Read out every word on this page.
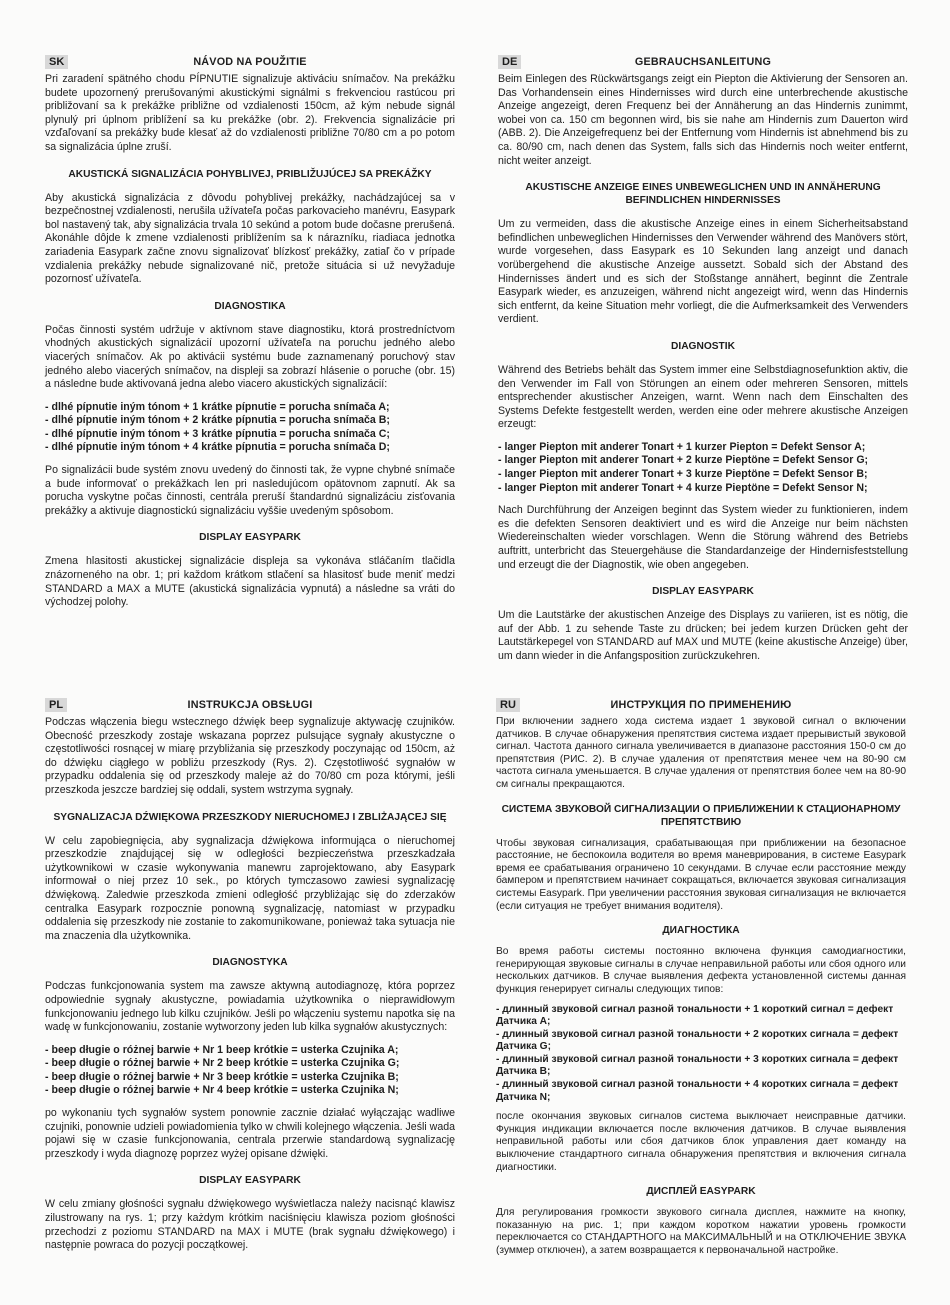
SK	NÁVOD NA POUŽITIE

Pri zaradení spätného chodu PÍPNUTIE signalizuje aktiváciu snímačov. Na prekážku budete upozornený prerušovanými akustickými signálmi s frekvenciou rastúcou pri približovaní sa k prekážke približne od vzdialenosti 150cm, až kým nebude signál plynulý pri úplnom priblížení sa ku prekážke (obr. 2). Frekvencia signalizácie pri vzďaľovaní sa prekážky bude klesať až do vzdialenosti približne 70/80 cm a po potom sa signalizácia úplne zruší.

AKUSTICKÁ SIGNALIZÁCIA POHYBLIVEJ, PRIBLIŽUJÚCEJ SA PREKÁŽKY

Aby akustická signalizácia z dôvodu pohyblivej prekážky, nachádzajúcej sa v bezpečnostnej vzdialenosti, nerušila užívateľa počas parkovacieho manévru, Easypark bol nastavený tak, aby signalizácia trvala 10 sekúnd a potom bude dočasne prerušená. Akonáhle dôjde k zmene vzdialenosti priblížením sa k nárazníku, riadiaca jednotka zariadenia Easypark začne znovu signalizovať blízkosť prekážky, zatiaľ čo v prípade vzdialenia prekážky nebude signalizované nič, pretože situácia si už nevyžaduje pozornosť užívateľa.

DIAGNOSTIKA

Počas činnosti systém udržuje v aktívnom stave diagnostiku, ktorá prostredníctvom vhodných akustických signalizácií upozorní užívateľa na poruchu jedného alebo viacerých snímačov. Ak po aktivácii systému bude zaznamenaný poruchový stav jedného alebo viacerých snímačov, na displeji sa zobrazí hlásenie o poruche (obr. 15) a následne bude aktivovaná jedna alebo viacero akustických signalizácií:

- dlhé pípnutie iným tónom + 1 krátke pípnutie = porucha snímača A;
- dlhé pípnutie iným tónom + 2 krátke pípnutia = porucha snímača B;
- dlhé pípnutie iným tónom + 3 krátke pípnutia = porucha snímača C;
- dlhé pípnutie iným tónom + 4 krátke pípnutia = porucha snímača D;

Po signalizácii bude systém znovu uvedený do činnosti tak, že vypne chybné snímače a bude informovať o prekážkach len pri nasledujúcom opätovnom zapnutí. Ak sa porucha vyskytne počas činnosti, centrála preruší štandardnú signalizáciu zisťovania prekážky a aktivuje diagnostickú signalizáciu vyššie uvedeným spôsobom.

DISPLAY EASYPARK

Zmena hlasitosti akustickej signalizácie displeja sa vykonáva stláčaním tlačidla znázorneného na obr. 1; pri každom krátkom stlačení sa hlasitosť bude meniť medzi STANDARD a MAX a MUTE (akustická signalizácia vypnutá) a následne sa vráti do východzej polohy.

DE	GEBRAUCHSANLEITUNG

Beim Einlegen des Rückwärtsgangs zeigt ein Piepton die Aktivierung der Sensoren an. Das Vorhandensein eines Hindernisses wird durch eine unterbrechende akustische Anzeige angezeigt, deren Frequenz bei der Annäherung an das Hindernis zunimmt, wobei von ca. 150 cm begonnen wird, bis sie nahe am Hindernis zum Dauerton wird (ABB. 2). Die Anzeigefrequenz bei der Entfernung vom Hindernis ist abnehmend bis zu ca. 80/90 cm, nach denen das System, falls sich das Hindernis noch weiter entfernt, nicht weiter anzeigt.

AKUSTISCHE ANZEIGE EINES UNBEWEGLICHEN UND IN ANNÄHERUNG BEFINDLICHEN HINDERNISSES

Um zu vermeiden, dass die akustische Anzeige eines in einem Sicherheitsabstand befindlichen unbeweglichen Hindernisses den Verwender während des Manövers stört, wurde vorgesehen, dass Easypark es 10 Sekunden lang anzeigt und danach vorübergehend die akustische Anzeige aussetzt. Sobald sich der Abstand des Hindernisses ändert und es sich der Stoßstange annähert, beginnt die Zentrale Easypark wieder, es anzuzeigen, während nicht angezeigt wird, wenn das Hindernis sich entfernt, da keine Situation mehr vorliegt, die die Aufmerksamkeit des Verwenders verdient.

DIAGNOSTIK

Während des Betriebs behält das System immer eine Selbstdiagnosefunktion aktiv, die den Verwender im Fall von Störungen an einem oder mehreren Sensoren, mittels entsprechender akustischer Anzeigen, warnt. Wenn nach dem Einschalten des Systems Defekte festgestellt werden, werden eine oder mehrere akustische Anzeigen erzeugt:

- langer Piepton mit anderer Tonart + 1 kurzer Piepton = Defekt Sensor A;
- langer Piepton mit anderer Tonart + 2 kurze Pieptöne = Defekt Sensor G;
- langer Piepton mit anderer Tonart + 3 kurze Pieptöne = Defekt Sensor B;
- langer Piepton mit anderer Tonart + 4 kurze Pieptöne = Defekt Sensor N;

Nach Durchführung der Anzeigen beginnt das System wieder zu funktionieren, indem es die defekten Sensoren deaktiviert und es wird die Anzeige nur beim nächsten Wiedereinschalten wieder vorschlagen. Wenn die Störung während des Betriebs auftritt, unterbricht das Steuergehäuse die Standardanzeige der Hindernisfeststellung und erzeugt die der Diagnostik, wie oben angegeben.

DISPLAY EASYPARK

Um die Lautstärke der akustischen Anzeige des Displays zu variieren, ist es nötig, die auf der Abb. 1 zu sehende Taste zu drücken; bei jedem kurzen Drücken geht der Lautstärkepegel von STANDARD auf MAX und MUTE (keine akustische Anzeige) über, um dann wieder in die Anfangsposition zurückzukehren.

PL	INSTRUKCJA OBSŁUGI

Podczas włączenia biegu wstecznego dźwięk beep sygnalizuje aktywację czujników. Obecność przeszkody zostaje wskazana poprzez pulsujące sygnały akustyczne o częstotliwości rosnącej w miarę przybliżania się przeszkody poczynając od 150cm, aż do dźwięku ciągłego w pobliżu przeszkody (Rys. 2). Częstotliwość sygnałów w przypadku oddalenia się od przeszkody maleje aż do 70/80 cm poza którymi, jeśli przeszkoda jeszcze bardziej się oddali, system wstrzyma sygnały.

SYGNALIZACJA DŹWIĘKOWA PRZESZKODY NIERUCHOMEJ I ZBLIŻAJĄCEJ SIĘ

W celu zapobiegnięcia, aby sygnalizacja dźwiękowa informująca o nieruchomej przeszkodzie znajdującej się w odległości bezpieczeństwa przeszkadzała użytkownikowi w czasie wykonywania manewru zaprojektowano, aby Easypark informował o niej przez 10 sek., po których tymczasowo zawiesi sygnalizację dźwiękową. Zaledwie przeszkoda zmieni odległość przybliżając się do zderzaków centralka Easypark rozpocznie ponowną sygnalizację, natomiast w przypadku oddalenia się przeszkody nie zostanie to zakomunikowane, ponieważ taka sytuacja nie ma znaczenia dla użytkownika.

DIAGNOSTYKA

Podczas funkcjonowania system ma zawsze aktywną autodiagnozę, która poprzez odpowiednie sygnały akustyczne, powiadamia użytkownika o nieprawidłowym funkcjonowaniu jednego lub kilku czujników. Jeśli po włączeniu systemu napotka się na wadę w funkcjonowaniu, zostanie wytworzony jeden lub kilka sygnałów akustycznych:

- beep długie o różnej barwie + Nr 1 beep krótkie = usterka Czujnika A;
- beep długie o różnej barwie + Nr 2 beep krótkie = usterka Czujnika G;
- beep długie o różnej barwie + Nr 3 beep krótkie = usterka Czujnika B;
- beep długie o różnej barwie + Nr 4 beep krótkie = usterka Czujnika N;

po wykonaniu tych sygnałów system ponownie zacznie działać wyłączając wadliwe czujniki, ponownie udzieli powiadomienia tylko w chwili kolejnego włączenia. Jeśli wada pojawi się w czasie funkcjonowania, centrala przerwie standardową sygnalizację przeszkody i wyda diagnozę poprzez wyżej opisane dźwięki.

DISPLAY EASYPARK

W celu zmiany głośności sygnału dźwiękowego wyświetlacza należy nacisnąć klawisz zilustrowany na rys. 1; przy każdym krótkim naciśnięciu klawisza poziom głośności przechodzi z poziomu STANDARD na MAX i MUTE (brak sygnału dźwiękowego) i następnie powraca do pozycji początkowej.

RU	ИНСТРУКЦИЯ ПО ПРИМЕНЕНИЮ

При включении заднего хода система издает 1 звуковой сигнал о включении датчиков. В случае обнаружения препятствия система издает прерывистый звуковой сигнал. Частота данного сигнала увеличивается в диапазоне расстояния 150-0 см до препятствия (РИС. 2). В случае удаления от препятствия менее чем на 80-90 см частота сигнала уменьшается. В случае удаления от препятствия более чем на 80-90 см сигналы прекращаются.

СИСТЕМА ЗВУКОВОЙ СИГНАЛИЗАЦИИ О ПРИБЛИЖЕНИИ К СТАЦИОНАРНОМУ ПРЕПЯТСТВИЮ

Чтобы звуковая сигнализация, срабатывающая при приближении на безопасное расстояние, не беспокоила водителя во время маневрирования, в системе Easypark время ее срабатывания ограничено 10 секундами. В случае если расстояние между бампером и препятствием начинает сокращаться, включается звуковая сигнализация системы Easypark. При увеличении расстояния звуковая сигнализация не включается (если ситуация не требует внимания водителя).

ДИАГНОСТИКА

Во время работы системы постоянно включена функция самодиагностики, генерирующая звуковые сигналы в случае неправильной работы или сбоя одного или нескольких датчиков. В случае выявления дефекта установленной системы данная функция генерирует сигналы следующих типов:

- длинный звуковой сигнал разной тональности + 1 короткий сигнал = дефект Датчика А;
- длинный звуковой сигнал разной тональности + 2 коротких сигнала = дефект Датчика G;
- длинный звуковой сигнал разной тональности + 3 коротких сигнала = дефект Датчика B;
- длинный звуковой сигнал разной тональности + 4 коротких сигнала = дефект Датчика N;

после окончания звуковых сигналов система выключает неисправные датчики. Функция индикации включается после включения датчиков. В случае выявления неправильной работы или сбоя датчиков блок управления дает команду на выключение стандартного сигнала обнаружения препятствия и включения сигнала диагностики.

ДИСПЛЕЙ EASYPARK

Для регулирования громкости звукового сигнала дисплея, нажмите на кнопку, показанную на рис. 1; при каждом коротком нажатии уровень громкости переключается со СТАНДАРТНОГО на МАКСИМАЛЬНЫЙ и на ОТКЛЮЧЕНИЕ ЗВУКА (зуммер отключен), а затем возвращается к первоначальной настройке.
